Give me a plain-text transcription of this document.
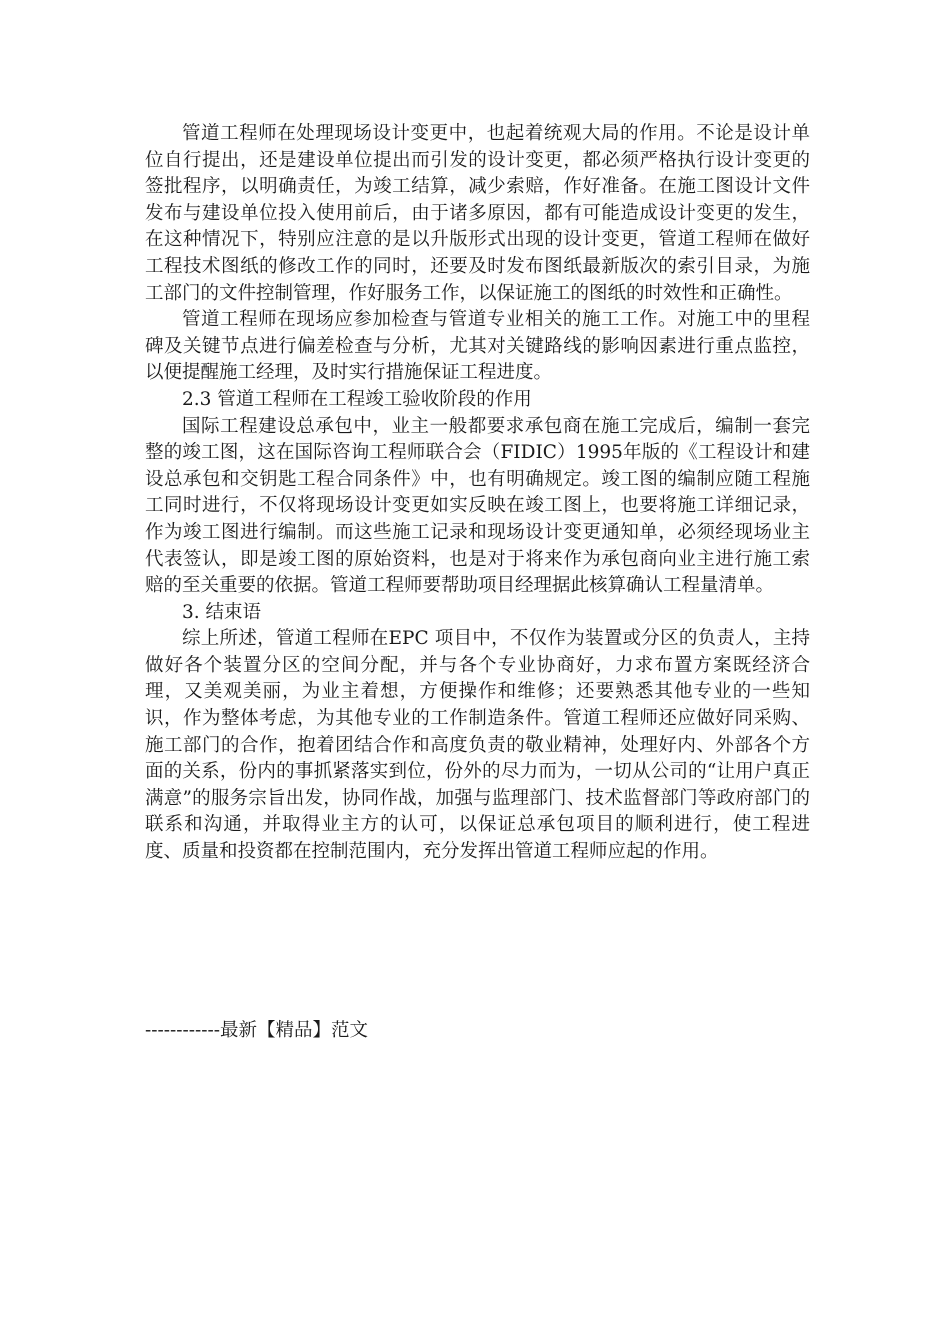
管道工程师在处理现场设计变更中，也起着统观大局的作用。不论是设计单位自行提出，还是建设单位提出而引发的设计变更，都必须严格执行设计变更的签批程序，以明确责任，为竣工结算，减少索赔，作好准备。在施工图设计文件发布与建设单位投入使用前后，由于诸多原因，都有可能造成设计变更的发生，在这种情况下，特别应注意的是以升版形式出现的设计变更，管道工程师在做好工程技术图纸的修改工作的同时，还要及时发布图纸最新版次的索引目录，为施工部门的文件控制管理，作好服务工作，以保证施工的图纸的时效性和正确性。

管道工程师在现场应参加检查与管道专业相关的施工工作。对施工中的里程碑及关键节点进行偏差检查与分析，尤其对关键路线的影响因素进行重点监控，以便提醒施工经理，及时实行措施保证工程进度。

2.3 管道工程师在工程竣工验收阶段的作用

国际工程建设总承包中，业主一般都要求承包商在施工完成后，编制一套完整的竣工图，这在国际咨询工程师联合会（FIDIC）1995年版的《工程设计和建设总承包和交钥匙工程合同条件》中，也有明确规定。竣工图的编制应随工程施工同时进行，不仅将现场设计变更如实反映在竣工图上，也要将施工详细记录，作为竣工图进行编制。而这些施工记录和现场设计变更通知单，必须经现场业主代表签认，即是竣工图的原始资料，也是对于将来作为承包商向业主进行施工索赔的至关重要的依据。管道工程师要帮助项目经理据此核算确认工程量清单。

3. 结束语

综上所述，管道工程师在EPC 项目中，不仅作为装置或分区的负责人，主持做好各个装置分区的空间分配，并与各个专业协商好，力求布置方案既经济合理，又美观美丽，为业主着想，方便操作和维修；还要熟悉其他专业的一些知识，作为整体考虑，为其他专业的工作制造条件。管道工程师还应做好同采购、施工部门的合作，抱着团结合作和高度负责的敬业精神，处理好内、外部各个方面的关系，份内的事抓紧落实到位，份外的尽力而为，一切从公司的“让用户真正满意”的服务宗旨出发，协同作战，加强与监理部门、技术监督部门等政府部门的联系和沟通，并取得业主方的认可，以保证总承包项目的顺利进行，使工程进度、质量和投资都在控制范围内，充分发挥出管道工程师应起的作用。

------------最新【精品】范文
